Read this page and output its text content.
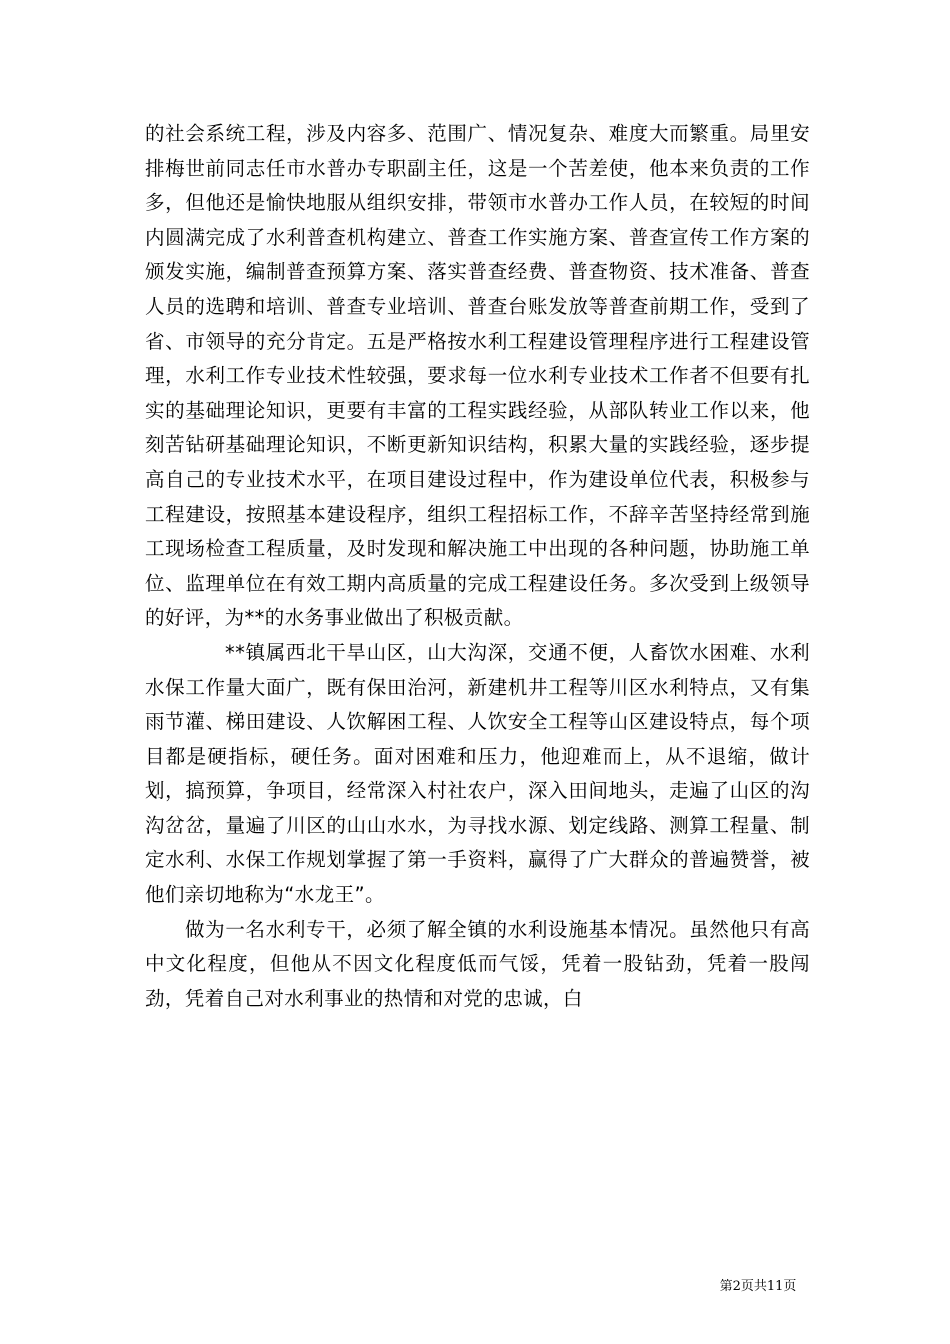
的社会系统工程，涉及内容多、范围广、情况复杂、难度大而繁重。局里安排梅世前同志任市水普办专职副主任，这是一个苦差使，他本来负责的工作多，但他还是愉快地服从组织安排，带领市水普办工作人员，在较短的时间内圆满完成了水利普查机构建立、普查工作实施方案、普查宣传工作方案的颁发实施，编制普查预算方案、落实普查经费、普查物资、技术准备、普查人员的选聘和培训、普查专业培训、普查台账发放等普查前期工作，受到了省、市领导的充分肯定。五是严格按水利工程建设管理程序进行工程建设管理，水利工作专业技术性较强，要求每一位水利专业技术工作者不但要有扎实的基础理论知识，更要有丰富的工程实践经验，从部队转业工作以来，他刻苦钻研基础理论知识，不断更新知识结构，积累大量的实践经验，逐步提高自己的专业技术水平，在项目建设过程中，作为建设单位代表，积极参与工程建设，按照基本建设程序，组织工程招标工作，不辞辛苦坚持经常到施工现场检查工程质量，及时发现和解决施工中出现的各种问题，协助施工单位、监理单位在有效工期内高质量的完成工程建设任务。多次受到上级领导的好评，为**的水务事业做出了积极贡献。

**镇属西北干旱山区，山大沟深，交通不便，人畜饮水困难、水利水保工作量大面广，既有保田治河，新建机井工程等川区水利特点，又有集雨节灌、梯田建设、人饮解困工程、人饮安全工程等山区建设特点，每个项目都是硬指标，硬任务。面对困难和压力，他迎难而上，从不退缩，做计划，搞预算，争项目，经常深入村社农户，深入田间地头，走遍了山区的沟沟岔岔，量遍了川区的山山水水，为寻找水源、划定线路、测算工程量、制定水利、水保工作规划掌握了第一手资料，赢得了广大群众的普遍赞誉，被他们亲切地称为“水龙王”。

做为一名水利专干，必须了解全镇的水利设施基本情况。虽然他只有高中文化程度，但他从不因文化程度低而气馁，凭着一股钻劲，凭着一股闯劲，凭着自己对水利事业的热情和对党的忠诚，白

第2页共11页
